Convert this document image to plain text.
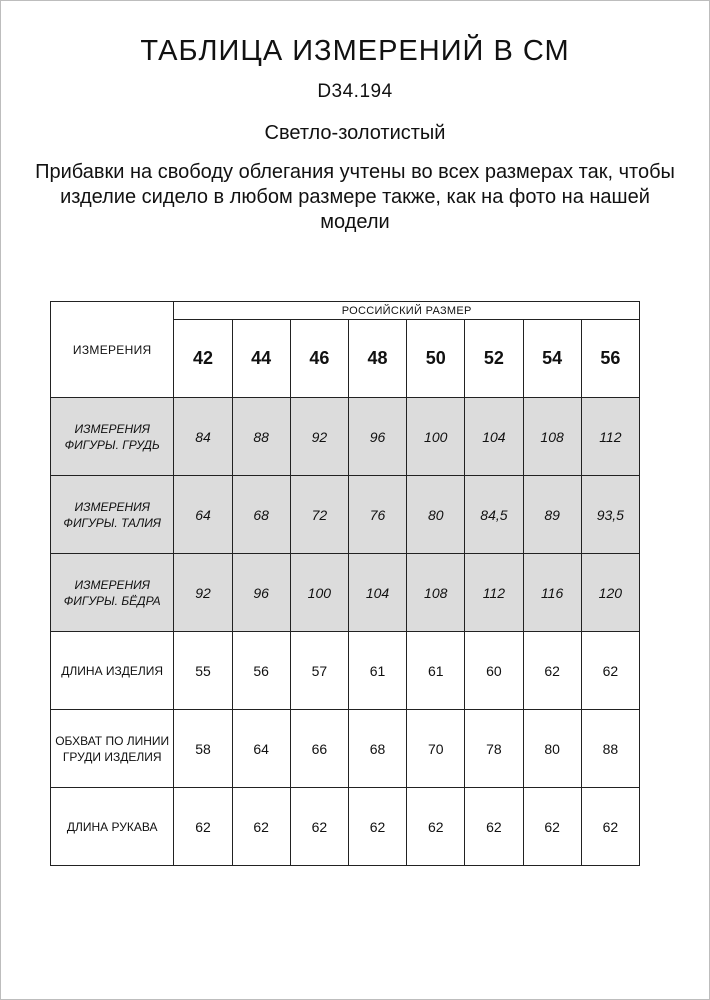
ТАБЛИЦА ИЗМЕРЕНИЙ В СМ
D34.194
Светло-золотистый
Прибавки на свободу облегания учтены во всех размерах так, чтобы изделие сидело в любом размере также, как на фото на нашей модели
ИЗМЕРЕНИЯ	РОССИЙСКИЙ РАЗМЕР							
	42	44	46	48	50	52	54	56
ИЗМЕРЕНИЯ ФИГУРЫ. ГРУДЬ	84	88	92	96	100	104	108	112
ИЗМЕРЕНИЯ ФИГУРЫ. ТАЛИЯ	64	68	72	76	80	84,5	89	93,5
ИЗМЕРЕНИЯ ФИГУРЫ. БЁДРА	92	96	100	104	108	112	116	120
ДЛИНА ИЗДЕЛИЯ	55	56	57	61	61	60	62	62
ОБХВАТ ПО ЛИНИИ ГРУДИ ИЗДЕЛИЯ	58	64	66	68	70	78	80	88
ДЛИНА РУКАВА	62	62	62	62	62	62	62	62
